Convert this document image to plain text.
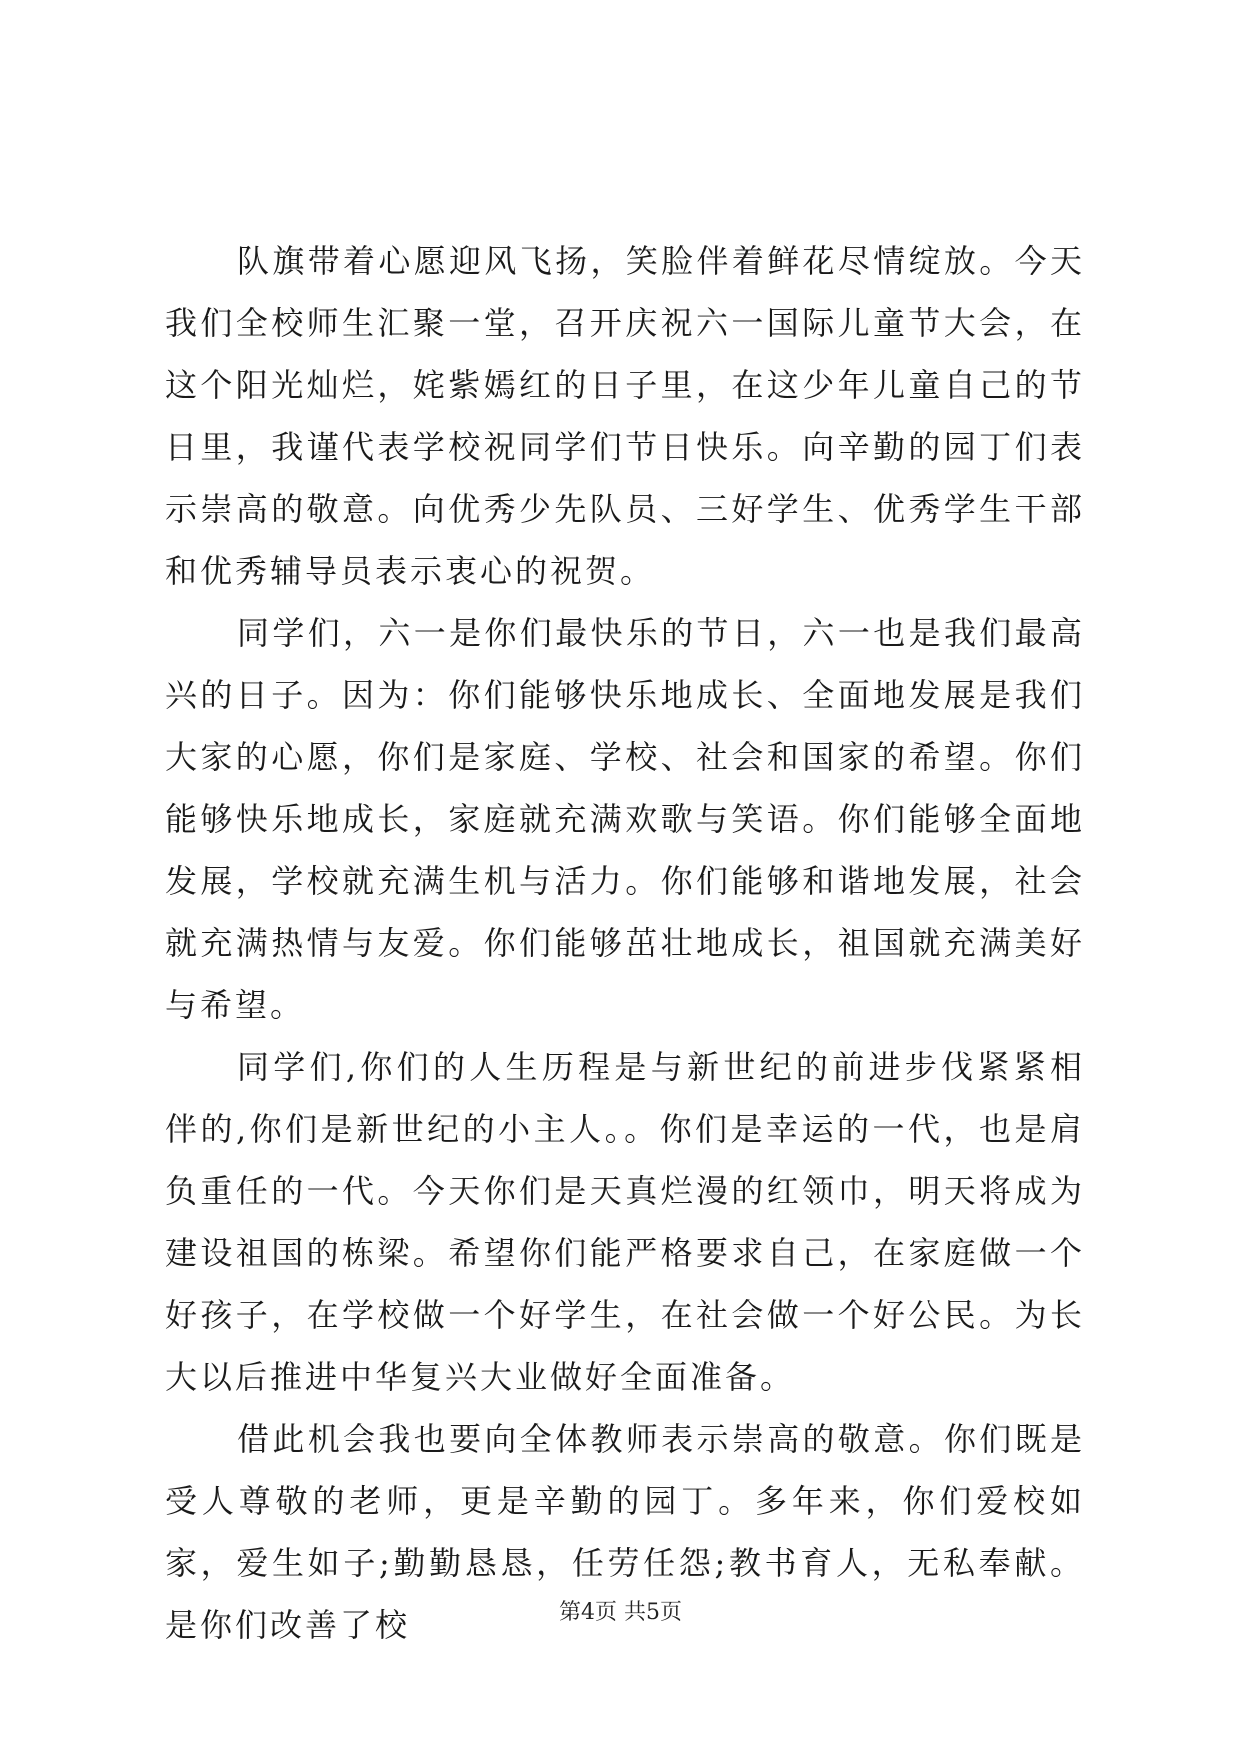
队旗带着心愿迎风飞扬，笑脸伴着鲜花尽情绽放。今天我们全校师生汇聚一堂，召开庆祝六一国际儿童节大会，在这个阳光灿烂，姹紫嫣红的日子里，在这少年儿童自己的节日里，我谨代表学校祝同学们节日快乐。向辛勤的园丁们表示崇高的敬意。向优秀少先队员、三好学生、优秀学生干部和优秀辅导员表示衷心的祝贺。

同学们，六一是你们最快乐的节日，六一也是我们最高兴的日子。因为：你们能够快乐地成长、全面地发展是我们大家的心愿，你们是家庭、学校、社会和国家的希望。你们能够快乐地成长，家庭就充满欢歌与笑语。你们能够全面地发展，学校就充满生机与活力。你们能够和谐地发展，社会就充满热情与友爱。你们能够茁壮地成长，祖国就充满美好与希望。

同学们,你们的人生历程是与新世纪的前进步伐紧紧相伴的,你们是新世纪的小主人。。你们是幸运的一代，也是肩负重任的一代。今天你们是天真烂漫的红领巾，明天将成为建设祖国的栋梁。希望你们能严格要求自己，在家庭做一个好孩子，在学校做一个好学生，在社会做一个好公民。为长大以后推进中华复兴大业做好全面准备。

借此机会我也要向全体教师表示崇高的敬意。你们既是受人尊敬的老师，更是辛勤的园丁。多年来，你们爱校如家，爱生如子;勤勤恳恳，任劳任怨;教书育人，无私奉献。是你们改善了校	第4页 共5页
